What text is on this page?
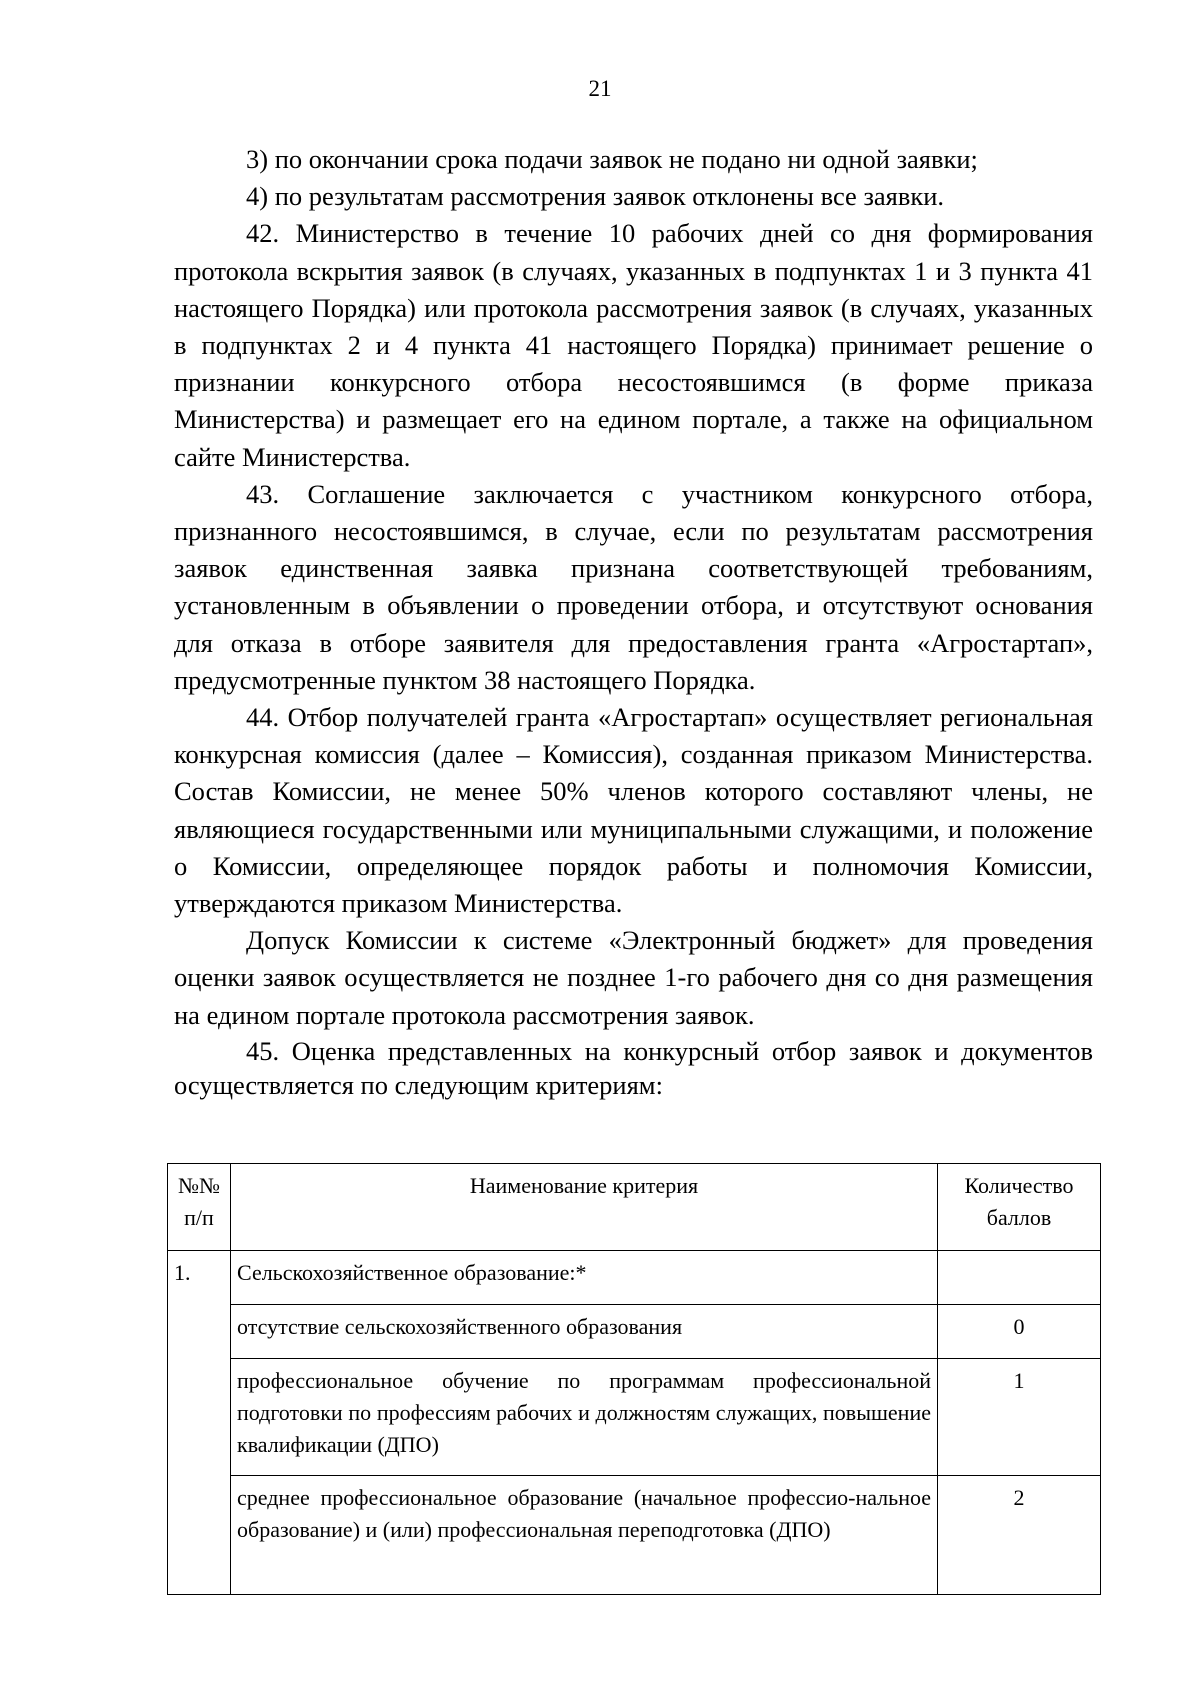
21

3) по окончании срока подачи заявок не подано ни одной заявки;

4) по результатам рассмотрения заявок отклонены все заявки.

42. Министерство в течение 10 рабочих дней со дня формирования протокола вскрытия заявок (в случаях, указанных в подпунктах 1 и 3 пункта 41 настоящего Порядка) или протокола рассмотрения заявок (в случаях, указанных в подпунктах 2 и 4 пункта 41 настоящего Порядка) принимает решение о признании конкурсного отбора несостоявшимся (в форме приказа Министерства) и размещает его на едином портале, а также на официальном сайте Министерства.

43. Соглашение заключается с участником конкурсного отбора, признанного несостоявшимся, в случае, если по результатам рассмотрения заявок единственная заявка признана соответствующей требованиям, установленным в объявлении о проведении отбора, и отсутствуют основания для отказа в отборе заявителя для предоставления гранта «Агростартап», предусмотренные пунктом 38 настоящего Порядка.

44. Отбор получателей гранта «Агростартап» осуществляет региональная конкурсная комиссия (далее – Комиссия), созданная приказом Министерства. Состав Комиссии, не менее 50% членов которого составляют члены, не являющиеся государственными или муниципальными служащими, и положение о Комиссии, определяющее порядок работы и полномочия Комиссии, утверждаются приказом Министерства.

Допуск Комиссии к системе «Электронный бюджет» для проведения оценки заявок осуществляется не позднее 1-го рабочего дня со дня размещения на едином портале протокола рассмотрения заявок.

45. Оценка представленных на конкурсный отбор заявок и документов осуществляется по следующим критериям:

№№ п/п	Наименование критерия	Количество баллов
1.	Сельскохозяйственное образование:*	
	отсутствие сельскохозяйственного образования	0
	профессиональное обучение по программам профессиональной подготовки по профессиям рабочих и должностям служащих, повышение квалификации (ДПО)	1
	среднее профессиональное образование (начальное профессио-нальное образование) и (или) профессиональная переподготовка (ДПО)	2
